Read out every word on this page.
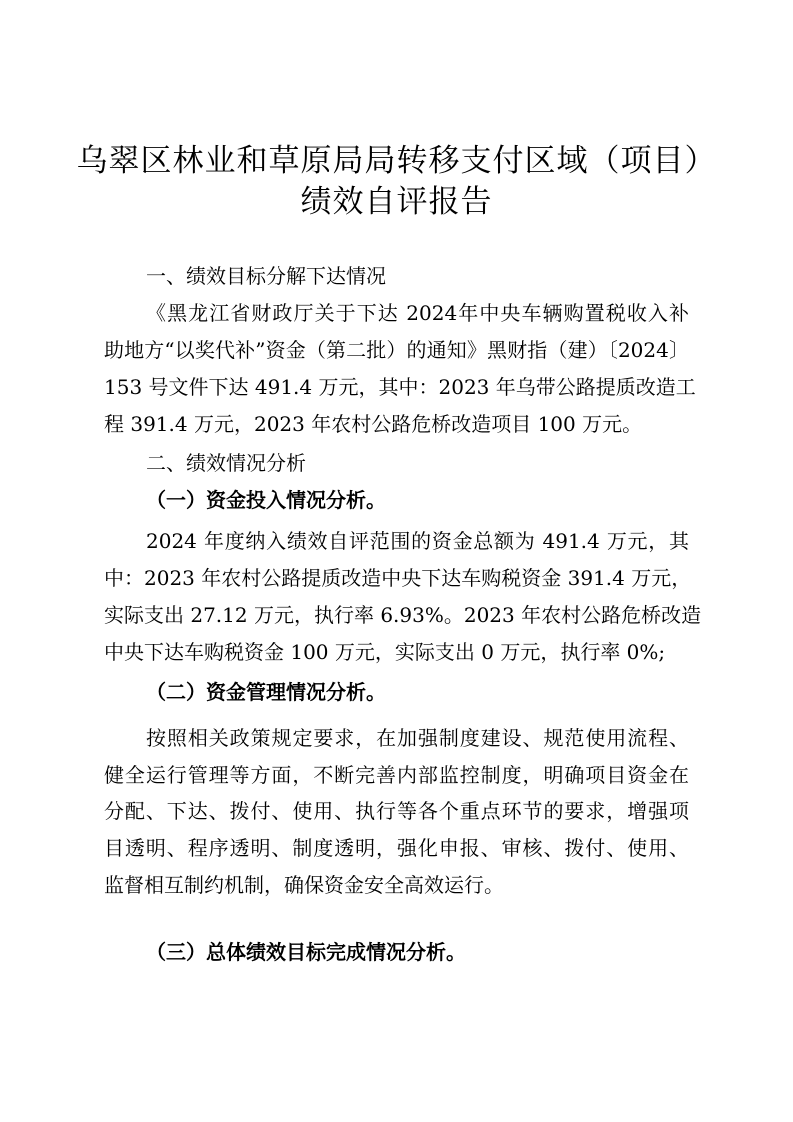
乌翠区林业和草原局局转移支付区域（项目）
绩效自评报告
一、绩效目标分解下达情况
《黑龙江省财政厅关于下达 2024年中央车辆购置税收入补
助地方“以奖代补”资金（第二批）的通知》黑财指（建）〔2024〕
153 号文件下达 491.4 万元，其中：2023 年乌带公路提质改造工
程 391.4 万元，2023 年农村公路危桥改造项目 100 万元。
二、绩效情况分析
（一）资金投入情况分析。
2024 年度纳入绩效自评范围的资金总额为 491.4 万元，其
中：2023 年农村公路提质改造中央下达车购税资金 391.4 万元，
实际支出 27.12 万元，执行率 6.93%。2023 年农村公路危桥改造
中央下达车购税资金 100 万元，实际支出 0 万元，执行率 0%;
（二）资金管理情况分析。
按照相关政策规定要求，在加强制度建设、规范使用流程、
健全运行管理等方面，不断完善内部监控制度，明确项目资金在
分配、下达、拨付、使用、执行等各个重点环节的要求，增强项
目透明、程序透明、制度透明，强化申报、审核、拨付、使用、
监督相互制约机制，确保资金安全高效运行。
（三）总体绩效目标完成情况分析。
